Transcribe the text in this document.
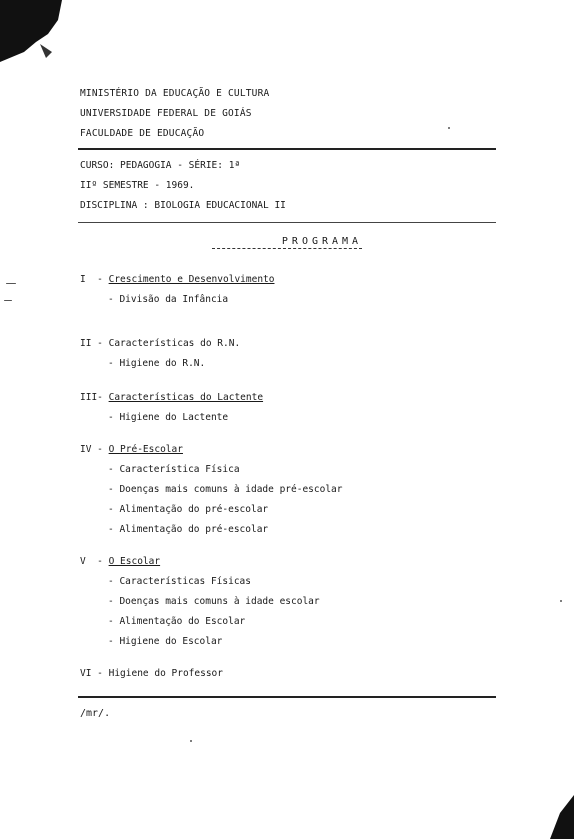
MINISTÉRIO DA EDUCAÇÃO E CULTURA
UNIVERSIDADE FEDERAL DE GOIÁS
FACULDADE DE EDUCAÇÃO
CURSO: PEDAGOGIA - SÉRIE: 1ª
IIº SEMESTRE - 1969.
DISCIPLINA : BIOLOGIA EDUCACIONAL II
PROGRAMA
I  - Crescimento e Desenvolvimento
- Divisão da Infância
II - Características do R.N.
- Higiene do R.N.
III- Características do Lactente
- Higiene do Lactente
IV - O Pré-Escolar
- Característica Física
- Doenças mais comuns à idade pré-escolar
- Alimentação do pré-escolar
- Alimentação do pré-escolar
V  - O Escolar
- Características Físicas
- Doenças mais comuns à idade escolar
- Alimentação do Escolar
- Higiene do Escolar
VI - Higiene do Professor
/mr/.
